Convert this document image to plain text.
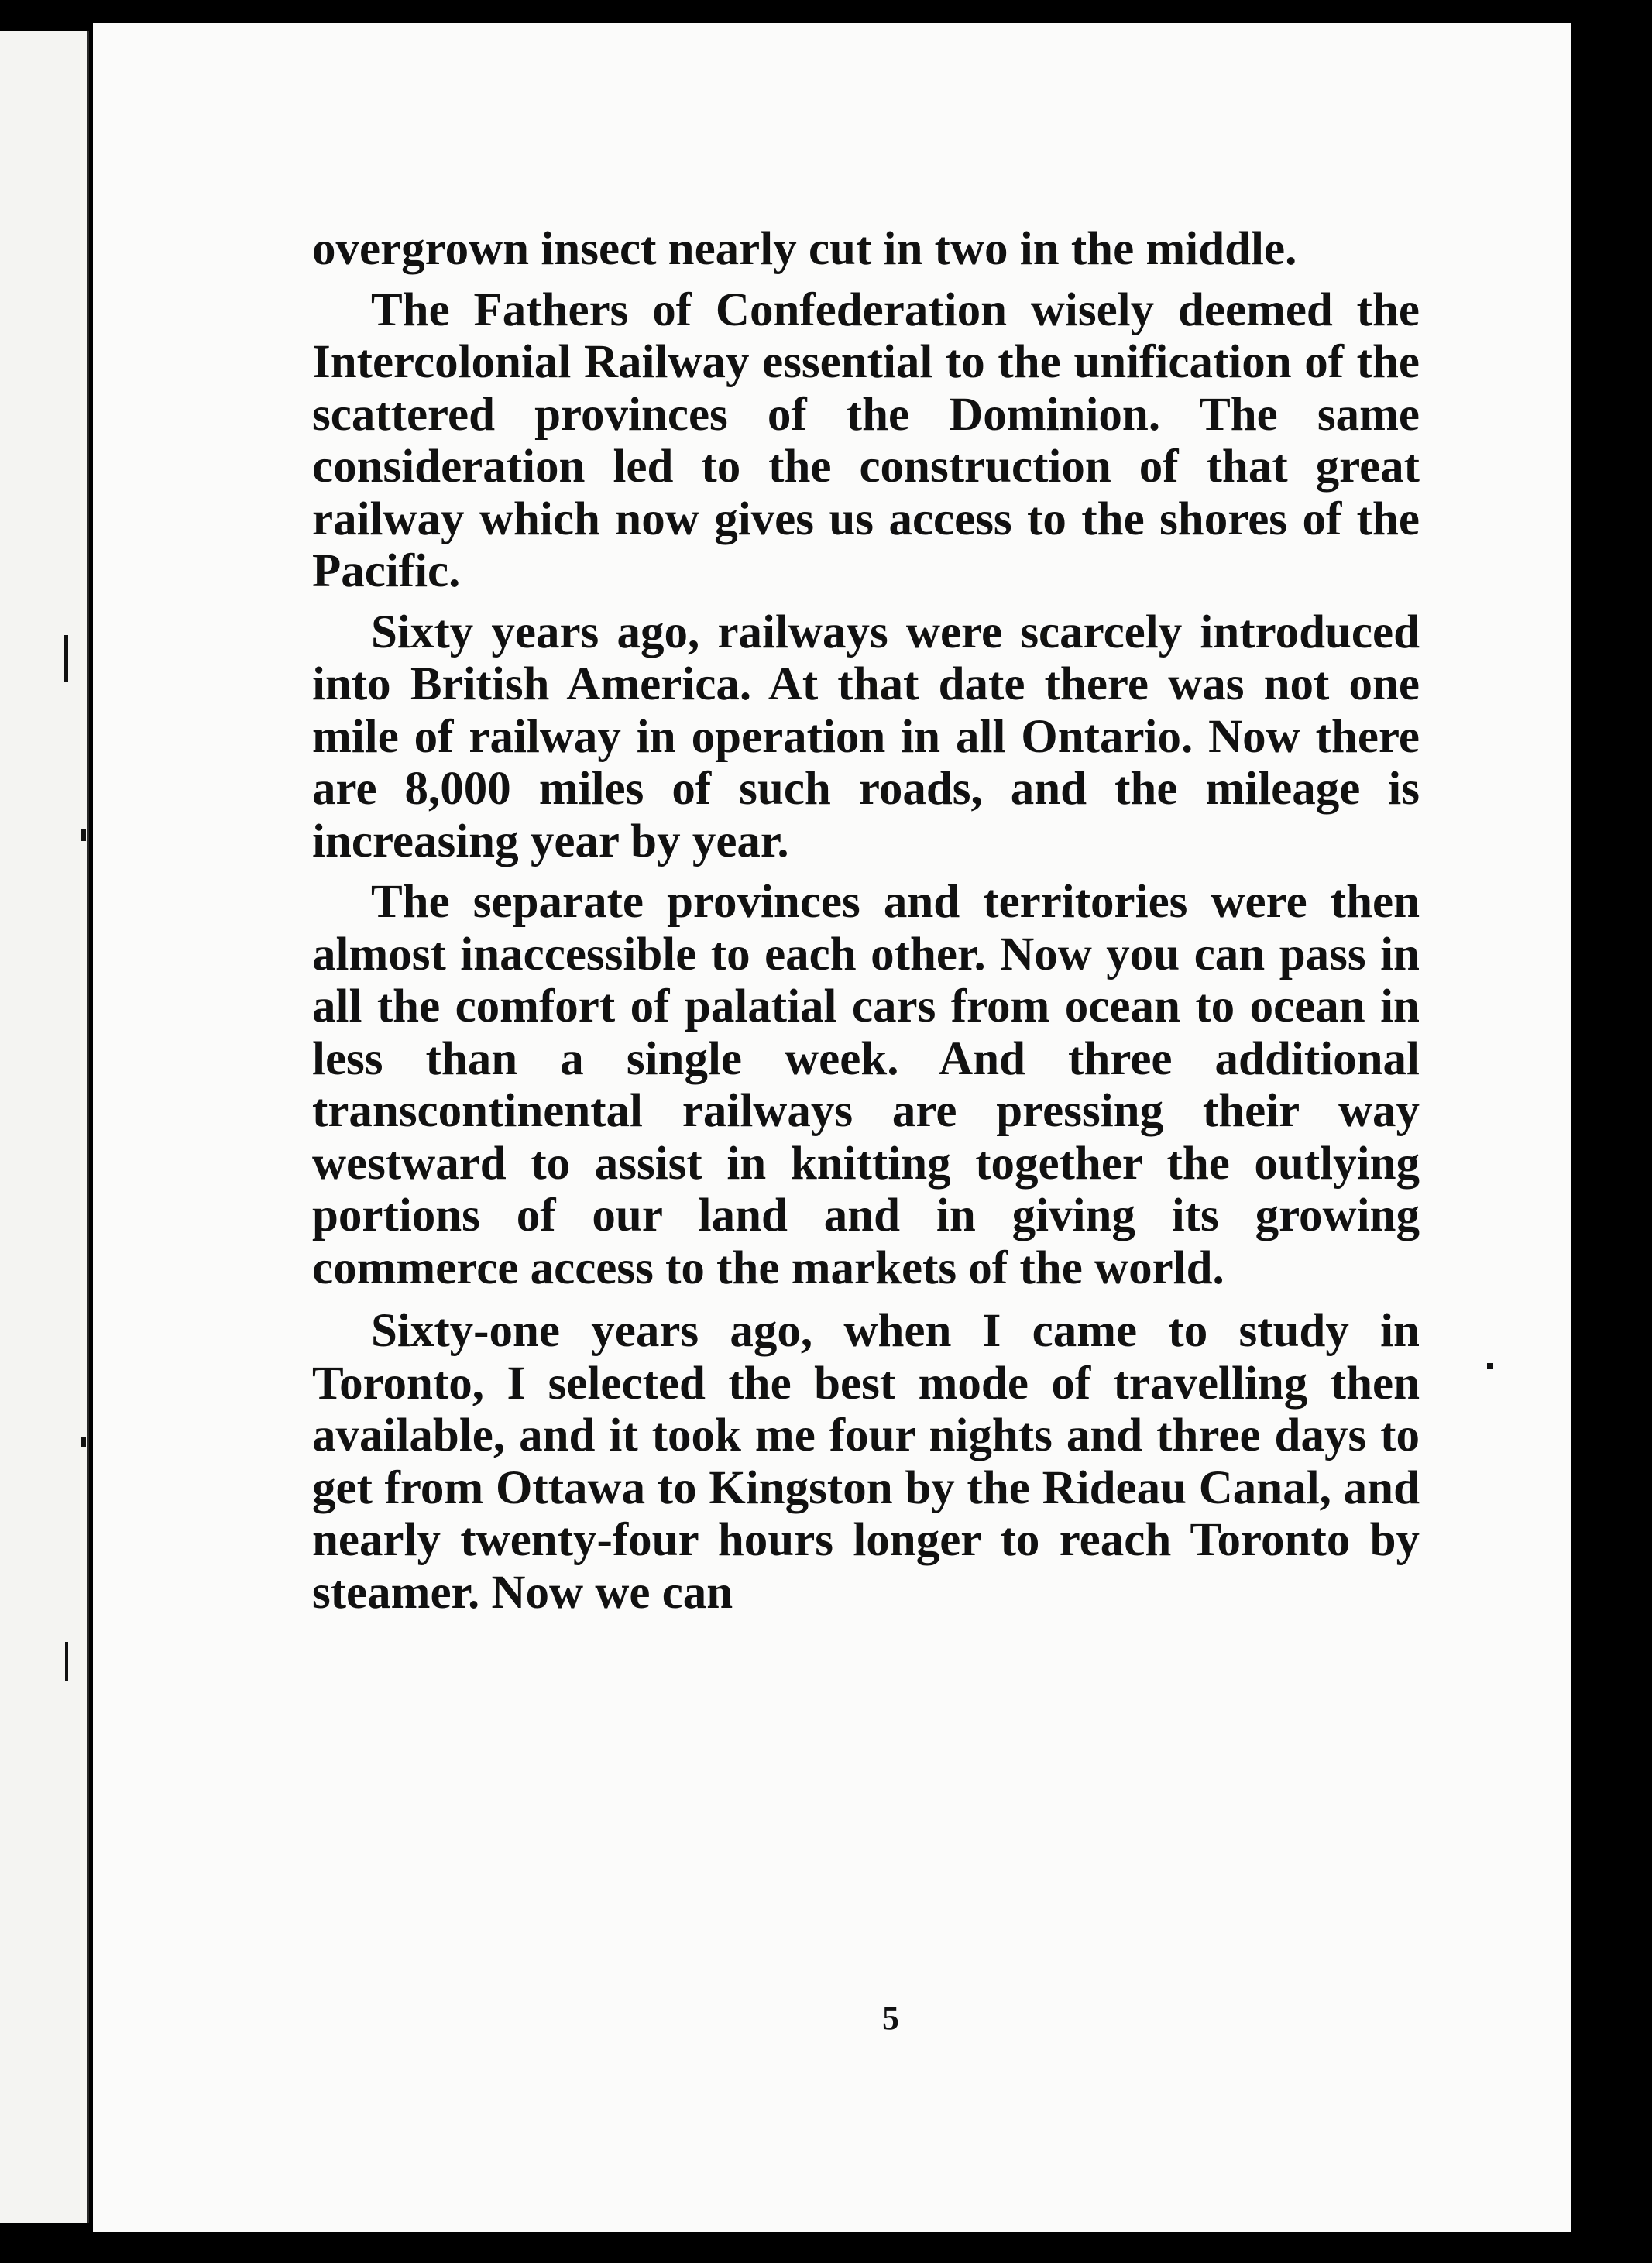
overgrown insect nearly cut in two in the middle.

The Fathers of Confederation wisely deemed the Intercolonial Railway essential to the unification of the scattered provinces of the Dominion. The same consideration led to the construction of that great railway which now gives us access to the shores of the Pacific.

Sixty years ago, railways were scarcely introduced into British America. At that date there was not one mile of railway in operation in all Ontario. Now there are 8,000 miles of such roads, and the mileage is increasing year by year.

The separate provinces and territories were then almost inaccessible to each other. Now you can pass in all the comfort of palatial cars from ocean to ocean in less than a single week. And three additional transcontinental railways are pressing their way westward to assist in knitting together the outlying portions of our land and in giving its growing commerce access to the markets of the world.

Sixty-one years ago, when I came to study in Toronto, I selected the best mode of travelling then available, and it took me four nights and three days to get from Ottawa to Kingston by the Rideau Canal, and nearly twenty-four hours longer to reach Toronto by steamer. Now we can

5
